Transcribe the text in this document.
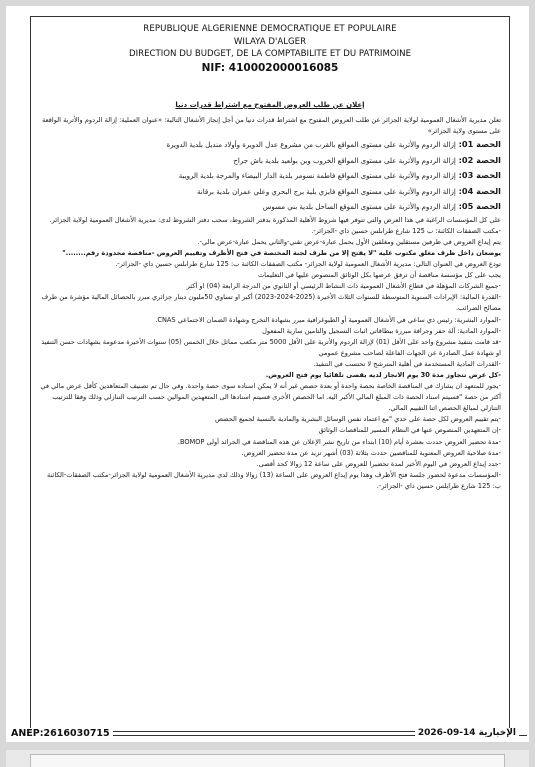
REPUBLIQUE ALGERIENNE DEMOCRATIQUE ET POPULAIRE
WILAYA D'ALGER
DIRECTION DU BUDGET, DE LA COMPTABILITE ET DU PATRIMOINE
NIF: 410002000016085
إعلان عن طلب العروض المفتوح مع اشتراط قدرات دنيا

تعلن مديرية الأشغال العمومية لولاية الجزائر عن طلب العروض المفتوح مع اشتراط قدرات دنيا من أجل إنجاز الأشغال التالية: «عنوان العملية: إزالة الردوم والأتربة الواقعة على مستوى ولاية الجزائر»

الحصة 01: إزالة الردوم والأتربة على مستوى المواقع بالقرب من مشروع عدل الدويرة وأولاد منديل بلدية الدويرة
الحصة 02: إزالة الردوم والأتربة على مستوى المواقع الخروب وبن بولعيد بلدية باش جراح
الحصة 03: إزالة الردوم والأتربة على مستوى المواقع فاطمة نسومر بلدية الدار البيضاء والمرجة بلدية الرويبة
الحصة 04: إزالة الردوم والأتربة على مستوى المواقع فايزي بلية برج البحري وعلي عمران بلدية برقانة
الحصة 05: إزالة الردوم والأتربة على مستوى الموقع الساحل بلدية بني مسوس

على كل المؤسسات الراغبة في هذا العرض والتي تتوفر فيها شروط الأهلية المذكورة بدفتر الشروط، سحب دفتر الشروط لدى: مديرية الأشغال العمومية لولاية الجزائر.

-مكتب الصفقات الكائنة: ب 125 شارع طرابلس حسين داي -الجزائر-.

يتم إيداع العروض في ظرفين مستقلين ومغلقين الأول يحمل عبارة-عرض تقني-والثاني يحمل عبارة-عرض مالي-.

يوضعان داخل ظرف مغلق مكتوب عليه "لا يفتح إلا من طرف لجنة المختصة في فتح الأظرف وتقييم العروض -مناقصة محدودة رقم........"

تودع العروض في العنوان التالي: مديرية الأشغال العمومية لولاية الجزائر- مكتب الصفقات الكائنة ب: 125 شارع طرابلس حسين داي -الجزائر-.

يجب على كل مؤسسة مناقصة أن ترفق عرضها بكل الوثائق المنصوص عليها في التعليمات

-جميع الشركات المؤهلة في قطاع الأشغال العمومية ذات النشاط الرئيسي أو الثانوي من الدرجة الرابعة (04) او أكثر

-القدرة المالية: الإيرادات السنوية المتوسطة للسنوات الثلاث الأخيرة (2025-2024-2023) أكبر او تساوي 50مليون دينار جزائري مبرر بالحصائل المالية مؤشرة من طرف مصالح الضرائب.

-الموارد البشرية: رئيس ذي ساعي في الأشغال العمومية أو الطبوغرافية مبرر بشهادة التخرج وشهادة الضمان الاجتماعي CNAS.

-الموارد المادية: آلة حفر وجرافة مبررة ببطاقاتي اثبات التسجيل والتامين سارية المفعول

-قد قامت بتنفيذ مشروع واحد على الأقل (01) لإزالة الردوم والأتربة على الأقل 5000 متر مكعب مماثل خلال الخمس (05) سنوات الأخيرة مدعومة بشهادات حسن التنفيذ او شهادة عمل الصادرة عن الجهات الفاعلة لصاحب مشروع عمومي

-القدرات المادية المستخدمة في أهلية المترشح لا تحتسب في التنفيذ.

-كل عرض تتجاوز مدة 30 يوم الانجاز لديه يقصى تلقائيا يوم فتح العروض.

-يجوز للمتعهد ان يشارك في المناقصة الخاصة بحصة واحدة أو بعدة حصص غير أنه لا يمكن اسناده سوى حصة واحدة. وفي حال تم تصنيف المتعاهدين كأقل عرض مالي في أكثر من حصة "فسيتم اسناد الحصة ذات المبلغ المالي الأكبر اليه. اما الحصص الأخرى فسيتم اسنادها الى المتعهدين الموالين حسب الترتيب التنازلي وذلك وفقا للترتيب التنازلي لمبالغ الحصص اثنا التقييم المالي.

-يتم تقييم العروض لكل حصة على حدي "مع اعتماد نفس الوسائل البشرية والمادية بالنسبة لجميع الحصص

-إن المتعهدين المنصوص عنها في النظام المسير للمناقصات الوثائق

-مدة تحضير العروض حددت بعشرة أيام (10) ابتداء من تاريخ نشر الإعلان عن هذه المناقصة في الجرائد أولى BOMOP.

-مدة صلاحية العروض المعنوية للمناقصين حددت بثلاثة (03) أشهر تزيد عن مدة تحضير العروض.

-حدد إيداع العروض في اليوم الأخير لمدة تحضيرا للعروض على ساعة 12 زوالا كحد أقصى.

-المؤسسات مدعوة لحضور جلسة فتح الأظرف وهذا يوم إيداع العروض على الساعة (13) زوالا وذلك لدى مديرية الأشغال العمومية لولاية الجزائر-مكتب الصفقات-الكائنة ب: 125 شارع طرابلس حسين داي -الجزائر-.

ANEP:2616030715	الإخبارية 14-09-2026
